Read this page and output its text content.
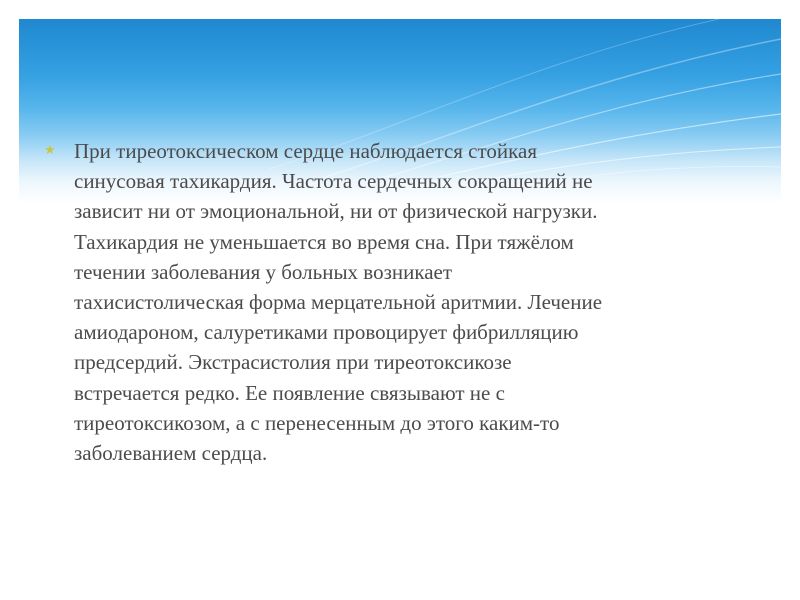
★ При тиреотоксическом сердце наблюдается стойкая
синусовая тахикардия. Частота сердечных сокращений не
зависит ни от эмоциональной, ни от физической нагрузки.
Тахикардия не уменьшается во время сна. При тяжёлом
течении заболевания у больных возникает
тахисистолическая форма мерцательной аритмии. Лечение
амиодароном, салуретиками провоцирует фибрилляцию
предсердий. Экстрасистолия при тиреотоксикозе
встречается редко. Ее появление связывают не с
тиреотоксикозом, а с перенесенным до этого каким-то
заболеванием сердца.
